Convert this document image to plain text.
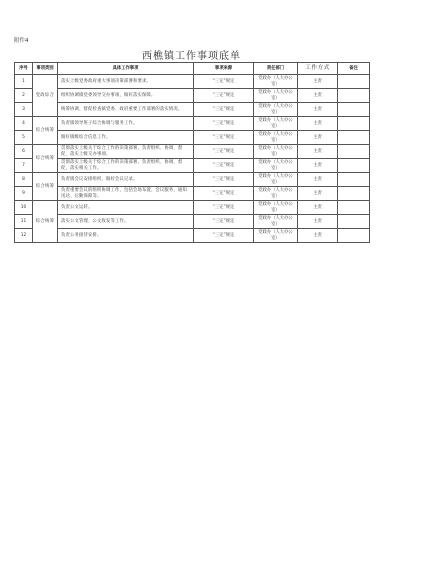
附件4
西樵镇工作事项底单
序号	事项类别	具体工作事项	事项来源	责任部门	工作方式	备注
1	党政综合	落实上级党委政府重大事项决策部署和要求。	“三定”规定	党政办（人大办公室）	主责	
2		组织协调镇党委领导交办事项，做好落实保障。	“三定”规定	党政办（人大办公室）	主责	
3		统筹协调、督促检查镇党委、政府重要工作部署的落实情况。	“三定”规定	党政办（人大办公室）	主责	
4	综合统筹	负责镇领导班子综合协调与服务工作。	“三定”规定	党政办（人大办公室）	主责	
5		做好镇级综合信息工作。	“三定”规定	党政办（人大办公室）	主责	
6	综合统筹	贯彻落实上级关于综合工作的决策部署，负责组织、协调、督促、落实上级交办事项。	“三定”规定	党政办（人大办公室）	主责	
7		贯彻落实上级关于综合工作的决策部署，负责组织、协调、督促、落实相关工作。	“三定”规定	党政办（人大办公室）	主责	
8	综合统筹	负责镇会议安排组织，做好会议记录。	“三定”规定	党政办（人大办公室）	主责	
9		负责重要会议的组织协调工作，包括会场布置、会议服务、通知送达、后勤保障等。	“三定”规定	党政办（人大办公室）	主责	
10	综合统筹	负责公文运转。	“三定”规定	党政办（人大办公室）	主责	
11		落实公文管理、公文收发等工作。	“三定”规定	党政办（人大办公室）	主责	
12		负责公务接待安排。	“三定”规定	党政办（人大办公室）	主责	
